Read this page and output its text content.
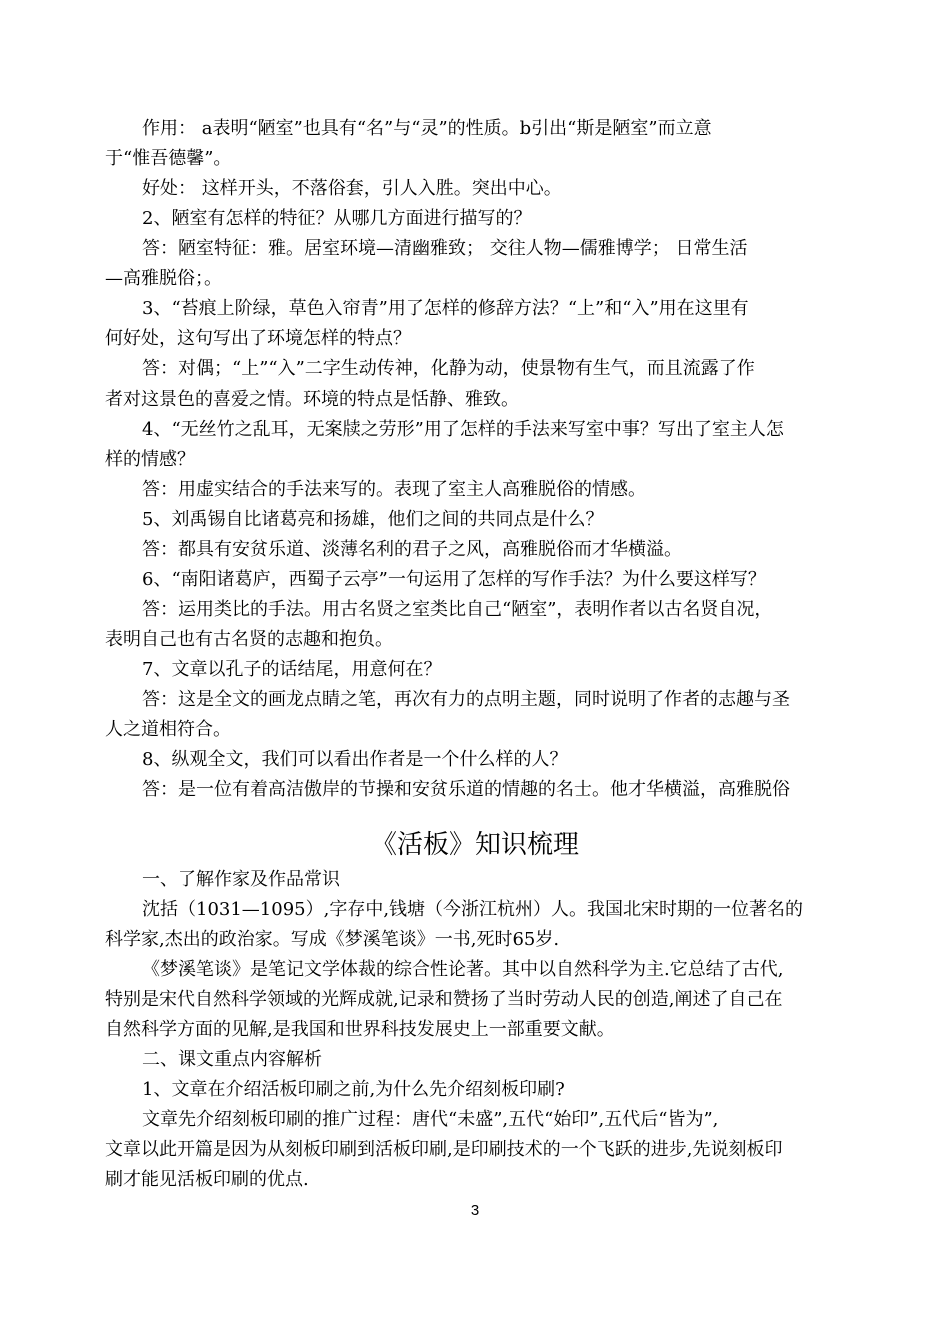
作用： a表明“陋室”也具有“名”与“灵”的性质。b引出“斯是陋室”而立意
于“惟吾德馨”。
好处： 这样开头，不落俗套，引人入胜。突出中心。
2、陋室有怎样的特征？从哪几方面进行描写的？
答：陋室特征：雅。居室环境—清幽雅致； 交往人物—儒雅博学； 日常生活
—高雅脱俗；。
3、“苔痕上阶绿，草色入帘青”用了怎样的修辞方法？“上”和“入”用在这里有
何好处，这句写出了环境怎样的特点？
答：对偶；“上”“入”二字生动传神，化静为动，使景物有生气，而且流露了作
者对这景色的喜爱之情。环境的特点是恬静、雅致。
4、“无丝竹之乱耳，无案牍之劳形”用了怎样的手法来写室中事？写出了室主人怎
样的情感？
答：用虚实结合的手法来写的。表现了室主人高雅脱俗的情感。
5、刘禹锡自比诸葛亮和扬雄，他们之间的共同点是什么？
答：都具有安贫乐道、淡薄名利的君子之风，高雅脱俗而才华横溢。
6、“南阳诸葛庐，西蜀子云亭”一句运用了怎样的写作手法？为什么要这样写？
答：运用类比的手法。用古名贤之室类比自己“陋室”，表明作者以古名贤自况，
表明自己也有古名贤的志趣和抱负。
7、文章以孔子的话结尾，用意何在？
答：这是全文的画龙点睛之笔，再次有力的点明主题，同时说明了作者的志趣与圣
人之道相符合。
8、纵观全文，我们可以看出作者是一个什么样的人？
答：是一位有着高洁傲岸的节操和安贫乐道的情趣的名士。他才华横溢，高雅脱俗
《活板》知识梳理
一、了解作家及作品常识
沈括（1031—1095）,字存中,钱塘（今浙江杭州）人。我国北宋时期的一位著名的
科学家,杰出的政治家。写成《梦溪笔谈》一书,死时65岁.
《梦溪笔谈》是笔记文学体裁的综合性论著。其中以自然科学为主.它总结了古代,
特别是宋代自然科学领域的光辉成就,记录和赞扬了当时劳动人民的创造,阐述了自己在
自然科学方面的见解,是我国和世界科技发展史上一部重要文献。
二、课文重点内容解析
1、文章在介绍活板印刷之前,为什么先介绍刻板印刷?
文章先介绍刻板印刷的推广过程：唐代“未盛”,五代“始印”,五代后“皆为”,
文章以此开篇是因为从刻板印刷到活板印刷,是印刷技术的一个飞跃的进步,先说刻板印
刷才能见活板印刷的优点.
3
